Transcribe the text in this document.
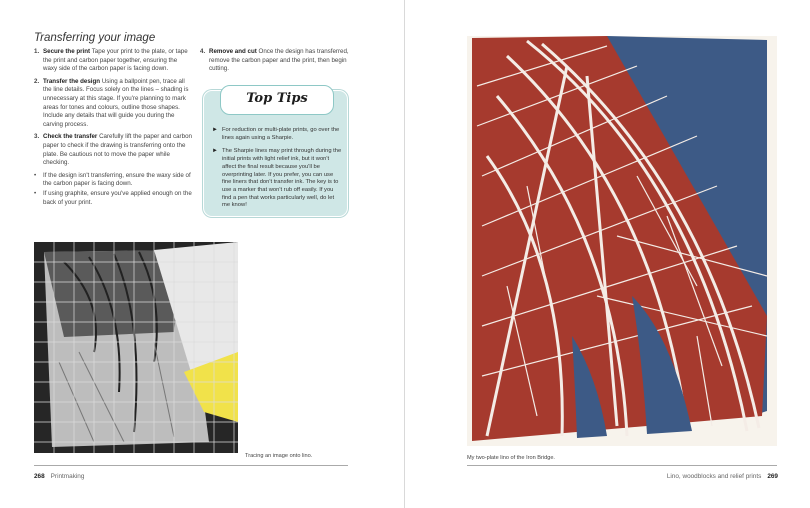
Transferring your image
1. Secure the print Tape your print to the plate, or tape the print and carbon paper together, ensuring the waxy side of the carbon paper is facing down.
2. Transfer the design Using a ballpoint pen, trace all the line details. Focus solely on the lines – shading is unnecessary at this stage. If you're planning to mark areas for tones and colours, outline those shapes. Include any details that will guide you during the carving process.
3. Check the transfer Carefully lift the paper and carbon paper to check if the drawing is transferring onto the plate. Be cautious not to move the paper while checking.
•	If the design isn't transferring, ensure the waxy side of the carbon paper is facing down.
•	If using graphite, ensure you've applied enough on the back of your print.
4. Remove and cut Once the design has transferred, remove the carbon paper and the print, then begin cutting.
Top Tips
► For reduction or multi-plate prints, go over the lines again using a Sharpie.
► The Sharpie lines may print through during the initial prints with light relief ink, but it won't affect the final result because you'll be overprinting later. If you prefer, you can use fine liners that don't transfer ink. The key is to use a marker that won't rub off easily. If you find a pen that works particularly well, do let me know!
Tracing an image onto lino.
268 Printmaking
My two-plate lino of the Iron Bridge.
Lino, woodblocks and relief prints 269
